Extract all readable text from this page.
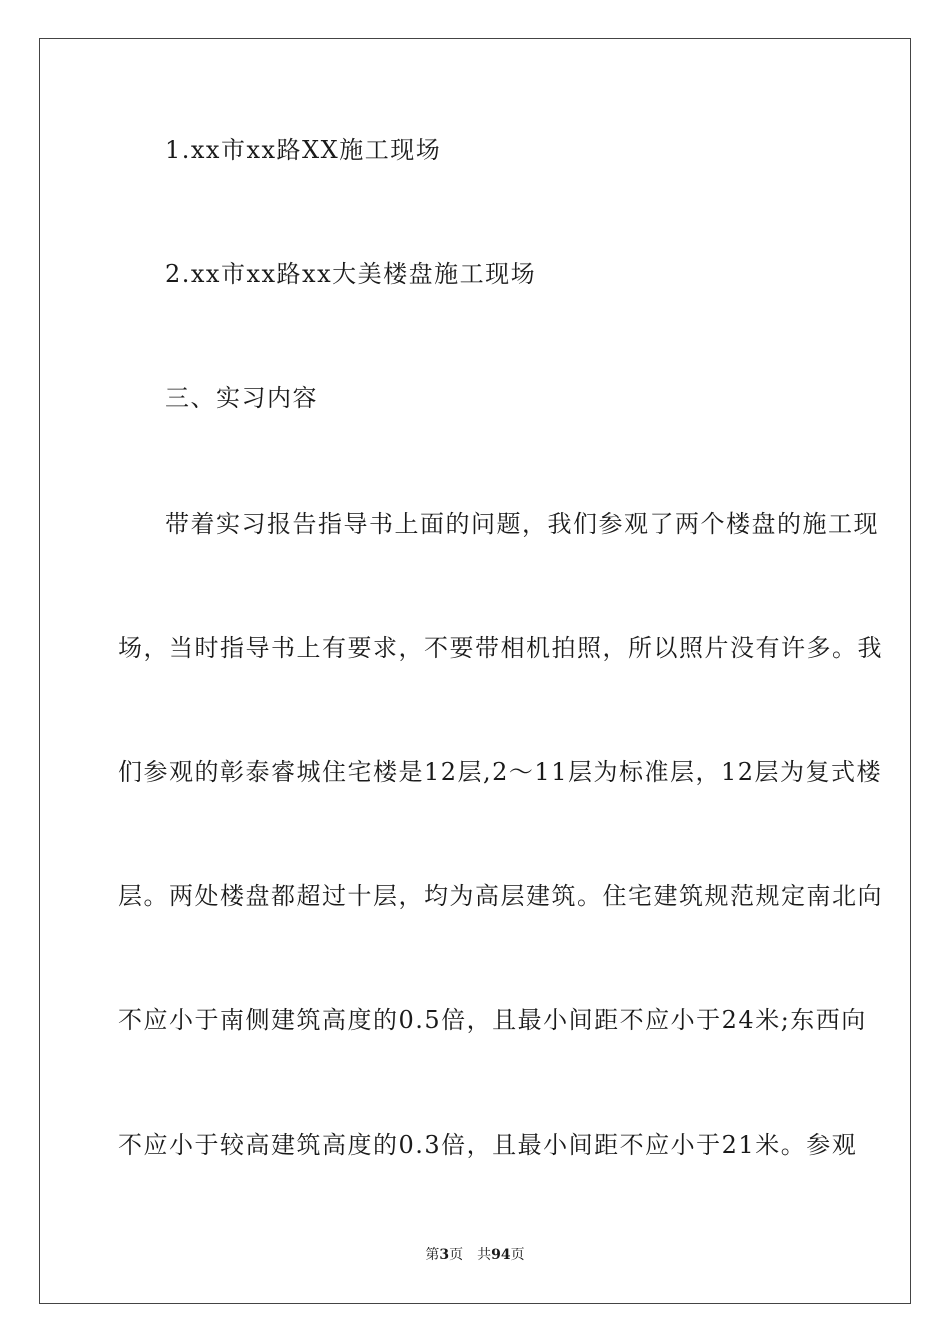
1.xx市xx路XX施工现场
2.xx市xx路xx大美楼盘施工现场
三、实习内容
带着实习报告指导书上面的问题，我们参观了两个楼盘的施工现
场，当时指导书上有要求，不要带相机拍照，所以照片没有许多。我
们参观的彰泰睿城住宅楼是12层,2～11层为标准层，12层为复式楼
层。两处楼盘都超过十层，均为高层建筑。住宅建筑规范规定南北向
不应小于南侧建筑高度的0.5倍，且最小间距不应小于24米;东西向
不应小于较高建筑高度的0.3倍，且最小间距不应小于21米。参观
第3页 共94页
